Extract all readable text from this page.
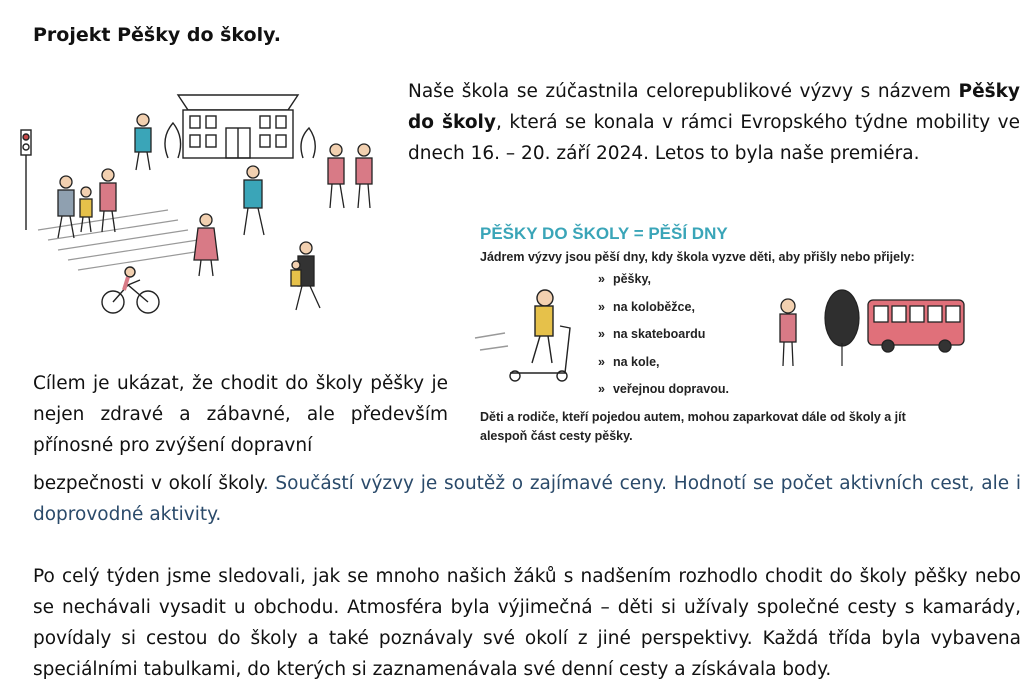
Projekt Pěšky do školy.

Naše škola se zúčastnila celorepublikové výzvy s názvem Pěšky do školy, která se konala v rámci Evropského týdne mobility ve dnech 16. – 20. září 2024. Letos to byla naše premiéra.

PĚŠKY DO ŠKOLY = PĚŠÍ DNY
Jádrem výzvy jsou pěší dny, kdy škola vyzve děti, aby přišly nebo přijely:
» pěšky,
» na koloběžce,
» na skateboardu
» na kole,
» veřejnou dopravou.
Děti a rodiče, kteří pojedou autem, mohou zaparkovat dále od školy a jít alespoň část cesty pěšky.

Cílem je ukázat, že chodit do školy pěšky je nejen zdravé a zábavné, ale především přínosné pro zvýšení dopravní

bezpečnosti v okolí školy. Součástí výzvy je soutěž o zajímavé ceny. Hodnotí se počet aktivních cest, ale i doprovodné aktivity.

Po celý týden jsme sledovali, jak se mnoho našich žáků s nadšením rozhodlo chodit do školy pěšky nebo se nechávali vysadit u obchodu. Atmosféra byla výjimečná – děti si užívaly společné cesty s kamarády, povídaly si cestou do školy a také poznávaly své okolí z jiné perspektivy. Každá třída byla vybavena speciálními tabulkami, do kterých si zaznamenávala své denní cesty a získávala body.
